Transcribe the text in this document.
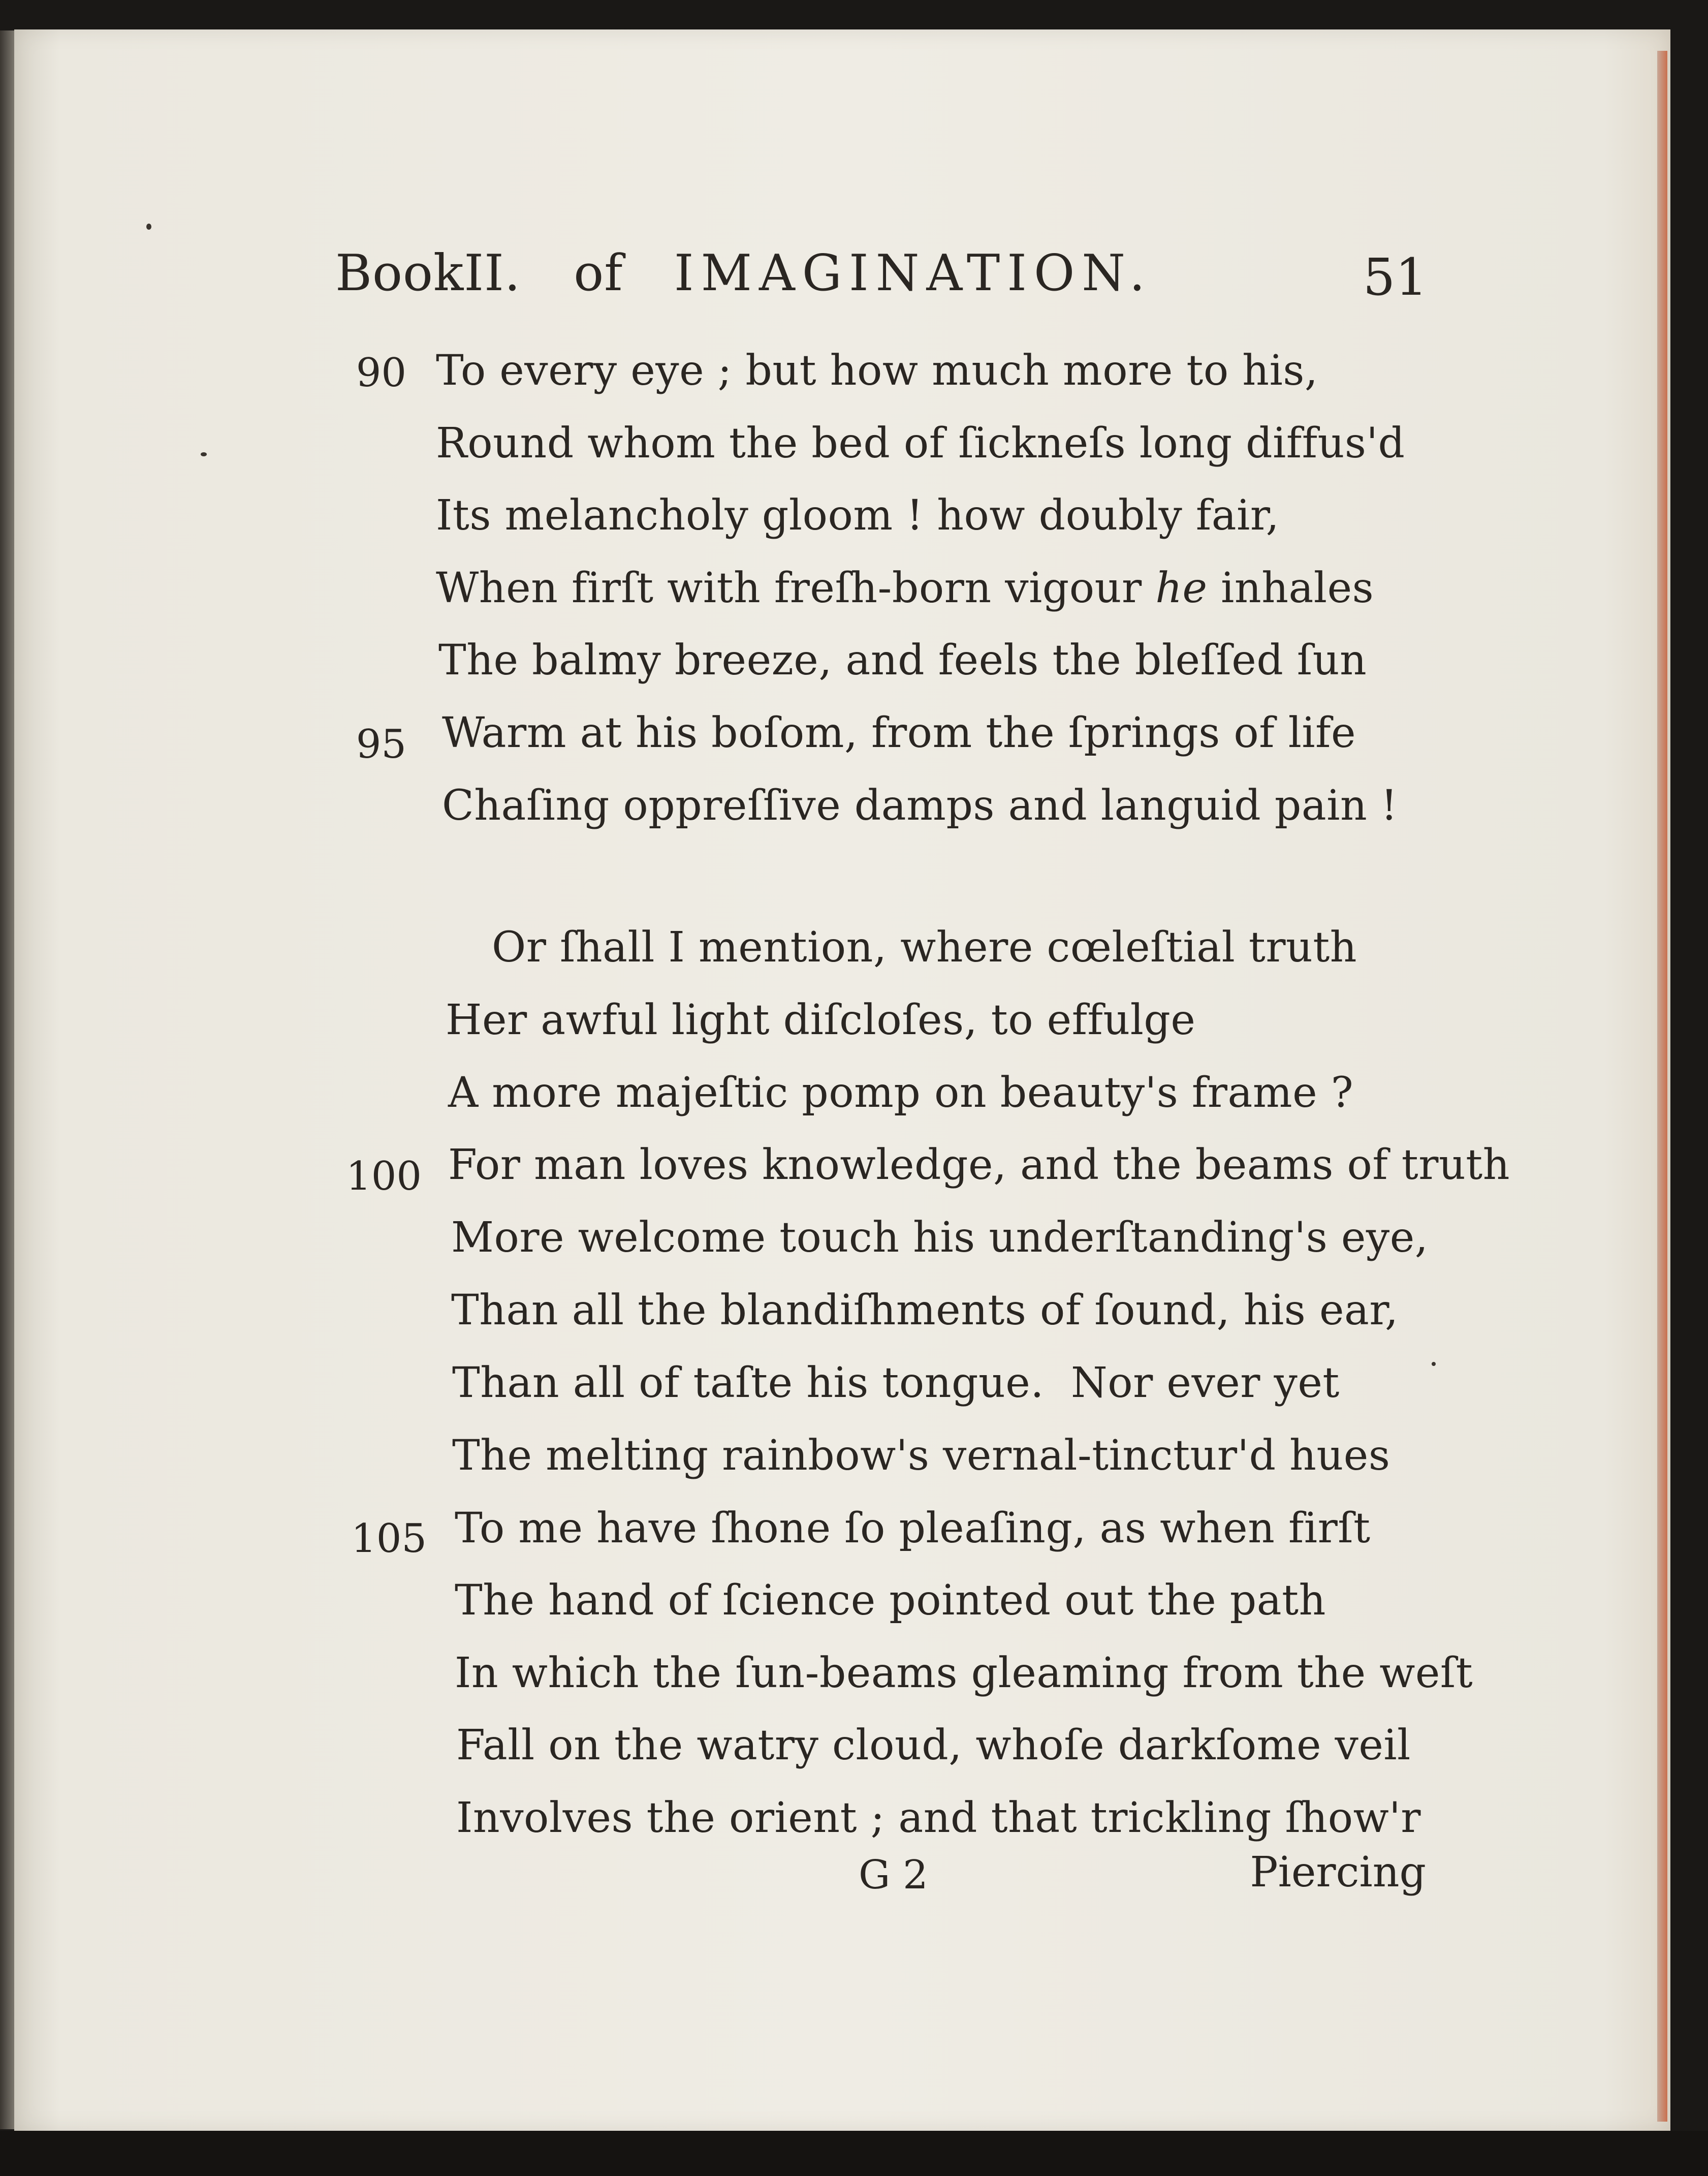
BookII. of IMAGINATION.	51
90 To every eye ; but how much more to his,
Round whom the bed of ſickneſs long diffus'd
Its melancholy gloom ! how doubly fair,
When firſt with freſh-born vigour he inhales
The balmy breeze, and feels the bleſſed ſun
95 Warm at his boſom, from the ſprings of life
Chaſing oppreſſive damps and languid pain !
Or ſhall I mention, where cœleſtial truth
Her awful light diſcloſes, to effulge
A more majeſtic pomp on beauty's frame ?
100 For man loves knowledge, and the beams of truth
More welcome touch his underſtanding's eye,
Than all the blandiſhments of ſound, his ear,
Than all of taſte his tongue.  Nor ever yet
The melting rainbow's vernal-tinctur'd hues
105 To me have ſhone ſo pleaſing, as when firſt
The hand of ſcience pointed out the path
In which the ſun-beams gleaming from the weſt
Fall on the watry cloud, whoſe darkſome veil
Involves the orient ; and that trickling ſhow'r
G 2	Piercing
